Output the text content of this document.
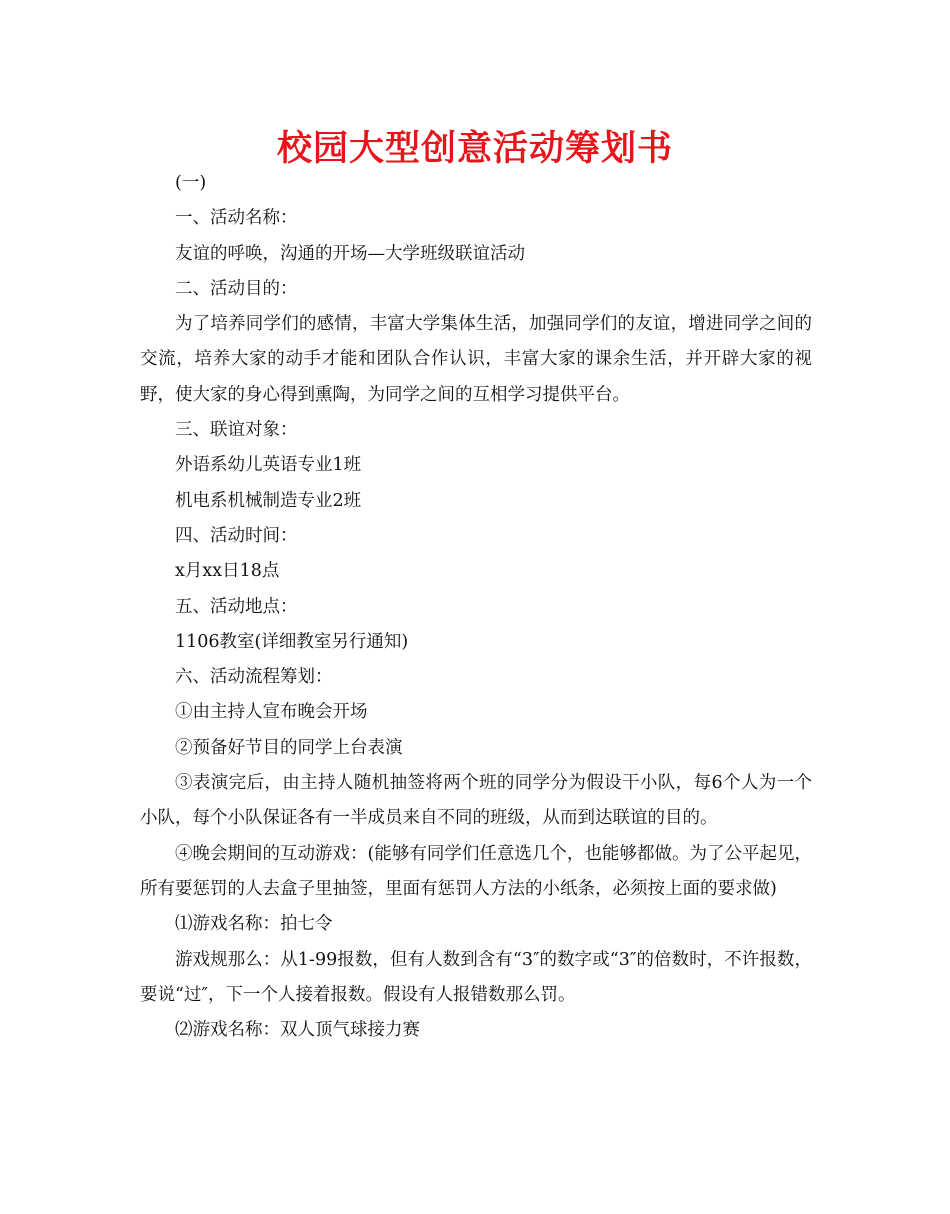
校园大型创意活动筹划书

(一)

一、活动名称：

友谊的呼唤，沟通的开场—大学班级联谊活动

二、活动目的：

为了培养同学们的感情，丰富大学集体生活，加强同学们的友谊，增进同学之间的交流，培养大家的动手才能和团队合作认识，丰富大家的课余生活，并开辟大家的视野，使大家的身心得到熏陶，为同学之间的互相学习提供平台。

三、联谊对象：

外语系幼儿英语专业1班

机电系机械制造专业2班

四、活动时间：

x月xx日18点

五、活动地点：

1106教室(详细教室另行通知)

六、活动流程筹划：

①由主持人宣布晚会开场

②预备好节目的同学上台表演

③表演完后，由主持人随机抽签将两个班的同学分为假设干小队，每6个人为一个小队，每个小队保证各有一半成员来自不同的班级，从而到达联谊的目的。

④晚会期间的互动游戏：(能够有同学们任意选几个，也能够都做。为了公平起见，所有要惩罚的人去盒子里抽签，里面有惩罚人方法的小纸条，必须按上面的要求做)

⑴游戏名称：拍七令

游戏规那么：从1-99报数，但有人数到含有“3″的数字或“3″的倍数时，不许报数，要说“过″，下一个人接着报数。假设有人报错数那么罚。

⑵游戏名称：双人顶气球接力赛
